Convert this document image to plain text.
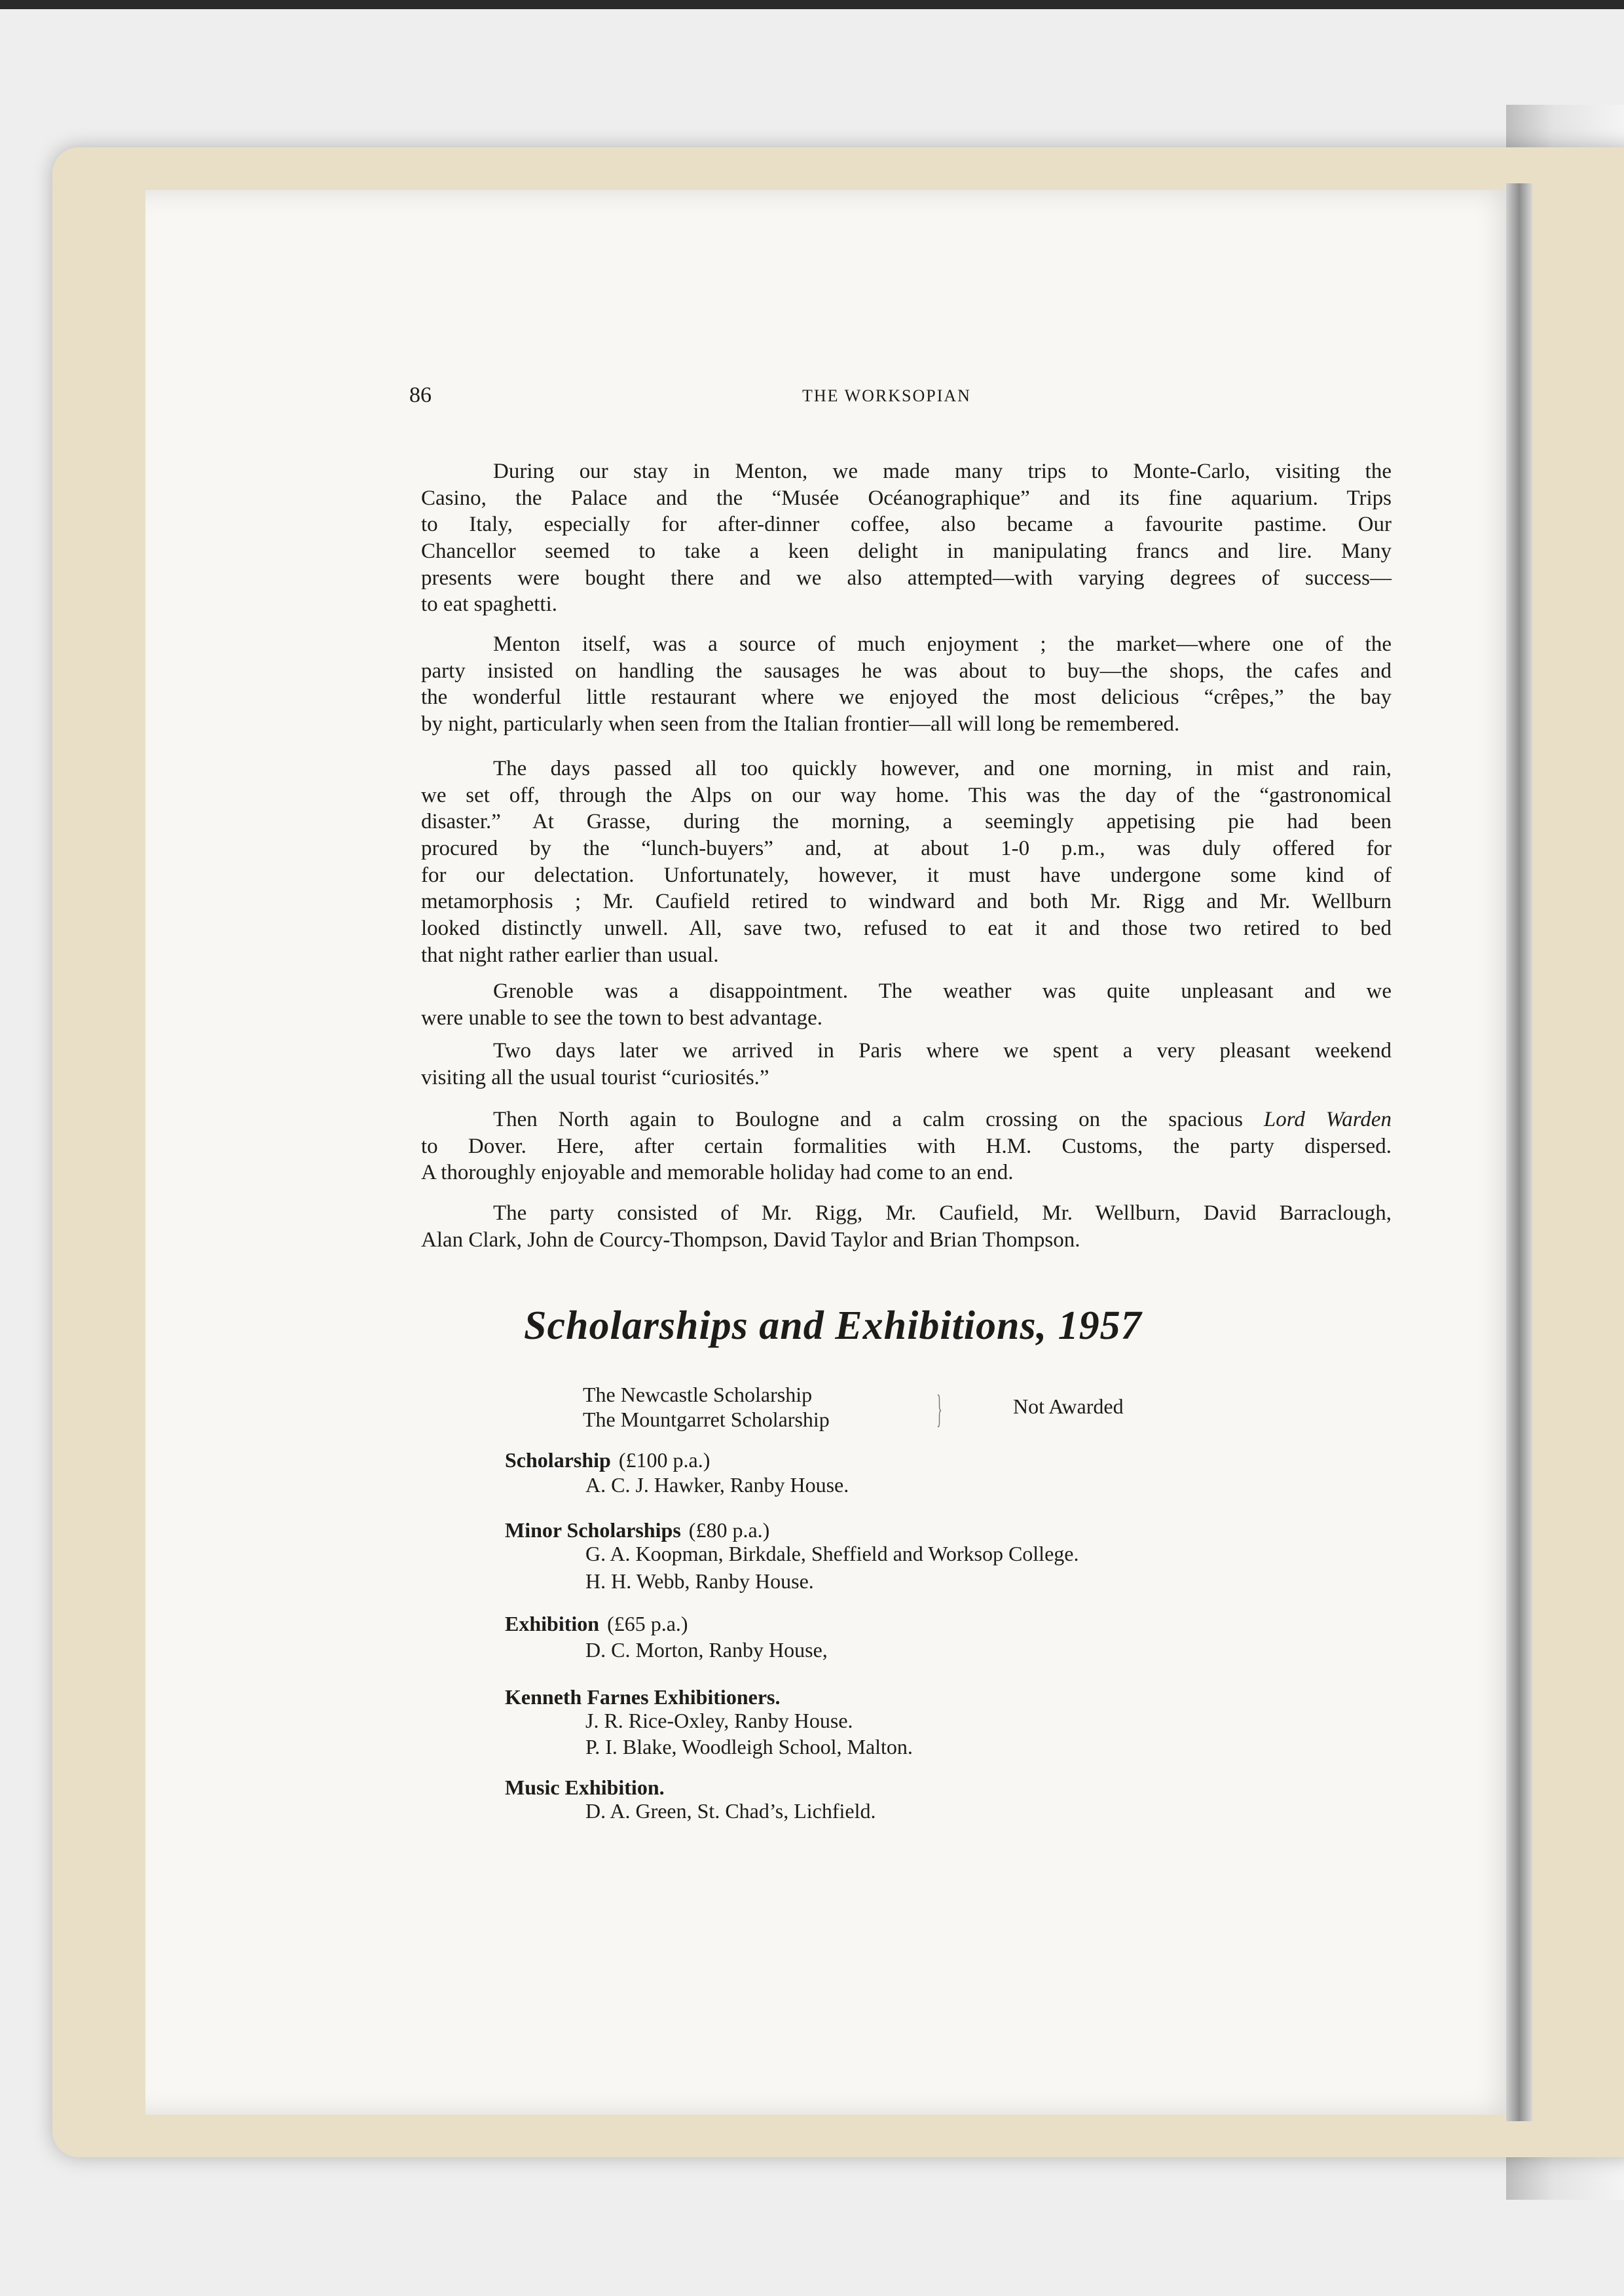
86	THE WORKSOPIAN
During our stay in Menton, we made many trips to Monte-Carlo, visiting the
Casino, the Palace and the “Musée Océanographique” and its fine aquarium. Trips
to Italy, especially for after-dinner coffee, also became a favourite pastime. Our
Chancellor seemed to take a keen delight in manipulating francs and lire. Many
presents were bought there and we also attempted—with varying degrees of success—
to eat spaghetti.
Menton itself, was a source of much enjoyment ; the market—where one of the
party insisted on handling the sausages he was about to buy—the shops, the cafes and
the wonderful little restaurant where we enjoyed the most delicious “crêpes,” the bay
by night, particularly when seen from the Italian frontier—all will long be remembered.
The days passed all too quickly however, and one morning, in mist and rain,
we set off, through the Alps on our way home. This was the day of the “gastronomical
disaster.” At Grasse, during the morning, a seemingly appetising pie had been
procured by the “lunch-buyers” and, at about 1-0 p.m., was duly offered for
for our delectation. Unfortunately, however, it must have undergone some kind of
metamorphosis ; Mr. Caufield retired to windward and both Mr. Rigg and Mr. Wellburn
looked distinctly unwell. All, save two, refused to eat it and those two retired to bed
that night rather earlier than usual.
Grenoble was a disappointment. The weather was quite unpleasant and we
were unable to see the town to best advantage.
Two days later we arrived in Paris where we spent a very pleasant weekend
visiting all the usual tourist “curiosités.”
Then North again to Boulogne and a calm crossing on the spacious Lord Warden
to Dover. Here, after certain formalities with H.M. Customs, the party dispersed.
A thoroughly enjoyable and memorable holiday had come to an end.
The party consisted of Mr. Rigg, Mr. Caufield, Mr. Wellburn, David Barraclough,
Alan Clark, John de Courcy-Thompson, David Taylor and Brian Thompson.
Scholarships and Exhibitions, 1957
The Newcastle Scholarship
The Mountgarret Scholarship	}	Not Awarded
Scholarship (£100 p.a.)
A. C. J. Hawker, Ranby House.
Minor Scholarships (£80 p.a.)
G. A. Koopman, Birkdale, Sheffield and Worksop College.
H. H. Webb, Ranby House.
Exhibition (£65 p.a.)
D. C. Morton, Ranby House,
Kenneth Farnes Exhibitioners.
J. R. Rice-Oxley, Ranby House.
P. I. Blake, Woodleigh School, Malton.
Music Exhibition.
D. A. Green, St. Chad’s, Lichfield.
